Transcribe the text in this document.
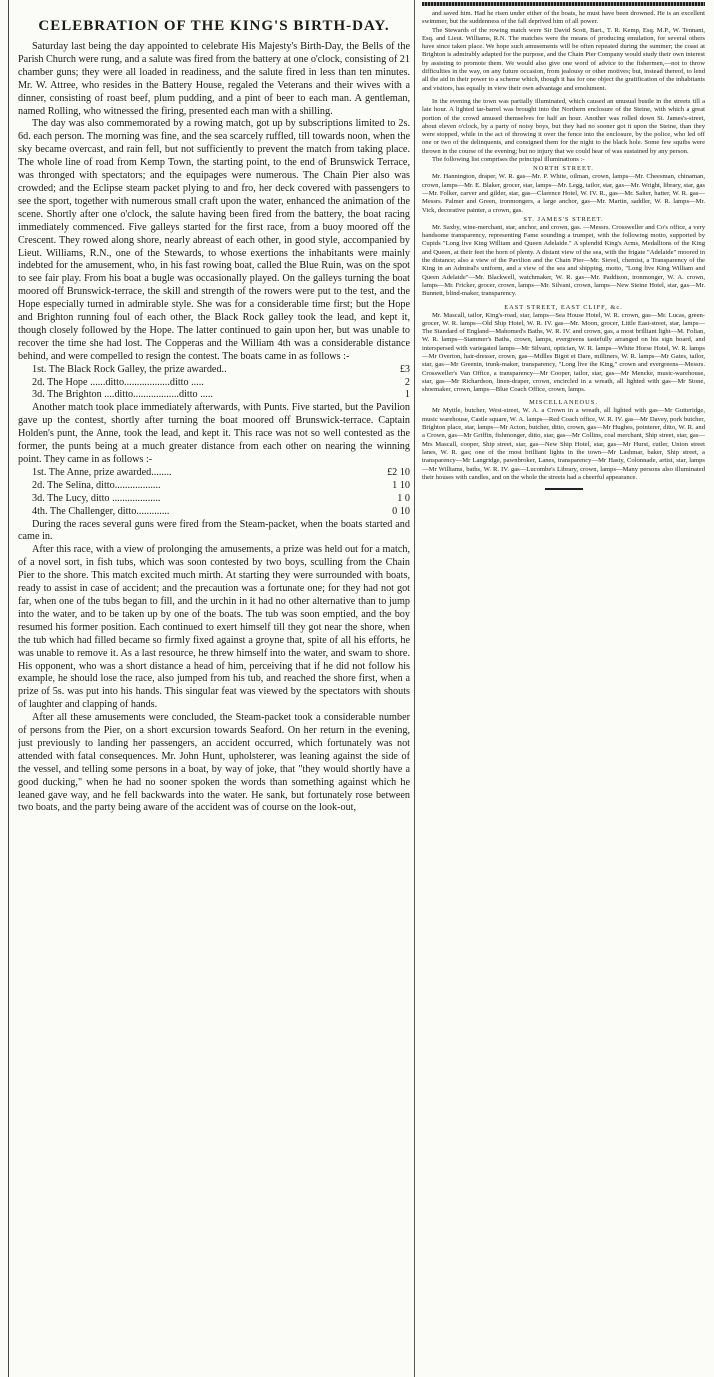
CELEBRATION OF THE KING'S BIRTH-DAY.

Saturday last being the day appointed to celebrate His Majesty's Birth-Day, the Bells of the Parish Church were rung, and a salute was fired from the battery at one o'clock, consisting of 21 chamber guns; they were all loaded in readiness, and the salute fired in less than ten minutes. Mr. W. Attree, who resides in the Battery House, regaled the Veterans and their wives with a dinner, consisting of roast beef, plum pudding, and a pint of beer to each man. A gentleman, named Rolling, who witnessed the firing, presented each man with a shilling.

The day was also commemorated by a rowing match, got up by subscriptions limited to 2s. 6d. each person. The morning was fine, and the sea scarcely ruffled, till towards noon, when the sky became overcast, and rain fell, but not sufficiently to prevent the match from taking place. The whole line of road from Kemp Town, the starting point, to the end of Brunswick Terrace, was thronged with spectators; and the equipages were numerous. The Chain Pier also was crowded; and the Eclipse steam packet plying to and fro, her deck covered with passengers to see the sport, together with numerous small craft upon the water, enhanced the animation of the scene. Shortly after one o'clock, the salute having been fired from the battery, the boat racing immediately commenced. Five galleys started for the first race, from a buoy moored off the Crescent. They rowed along shore, nearly abreast of each other, in good style, accompanied by Lieut. Williams, R.N., one of the Stewards, to whose exertions the inhabitants were mainly indebted for the amusement, who, in his fast rowing boat, called the Blue Ruin, was on the spot to see fair play. From his boat a bugle was occasionally played. On the galleys turning the boat moored off Brunswick-terrace, the skill and strength of the rowers were put to the test, and the Hope especially turned in admirable style. She was for a considerable time first; but the Hope and Brighton running foul of each other, the Black Rock galley took the lead, and kept it, though closely followed by the Hope. The latter continued to gain upon her, but was unable to recover the time she had lost. The Copperas and the William 4th was a considerable distance behind, and were compelled to resign the contest. The boats came in as follows :-

1st. The Black Rock Galley, the prize awarded..	£3
2d. The Hope ......ditto..................ditto .....	2
3d. The Brighton ....ditto..................ditto .....	1

Another match took place immediately afterwards, with Punts. Five started, but the Pavilion gave up the contest, shortly after turning the boat moored off Brunswick-terrace. Captain Holden's punt, the Anne, took the lead, and kept it. This race was not so well contested as the former, the punts being at a much greater distance from each other on nearing the winning point. They came in as follows :-

1st. The Anne, prize awarded........	£2 10
2d. The Selina, ditto..................	1 10
3d. The Lucy, ditto ...................	1 0
4th. The Challenger, ditto.............	0 10

During the races several guns were fired from the Steam-packet, when the boats started and came in.

After this race, with a view of prolonging the amusements, a prize was held out for a match, of a novel sort, in fish tubs, which was soon contested by two boys, sculling from the Chain Pier to the shore. This match excited much mirth. At starting they were surrounded with boats, ready to assist in case of accident; and the precaution was a fortunate one; for they had not got far, when one of the tubs began to fill, and the urchin in it had no other alternative than to jump into the water, and to be taken up by one of the boats. The tub was soon emptied, and the boy resumed his former position. Each continued to exert himself till they got near the shore, when the tub which had filled became so firmly fixed against a groyne that, spite of all his efforts, he was unable to remove it. As a last resource, he threw himself into the water, and swam to shore. His opponent, who was a short distance a head of him, perceiving that if he did not follow his example, he should lose the race, also jumped from his tub, and reached the shore first, when a prize of 5s. was put into his hands. This singular feat was viewed by the spectators with shouts of laughter and clapping of hands.

After all these amusements were concluded, the Steam-packet took a considerable number of persons from the Pier, on a short excursion towards Seaford. On her return in the evening, just previously to landing her passengers, an accident occurred, which fortunately was not attended with fatal consequences. Mr. John Hunt, upholsterer, was leaning against the side of the vessel, and telling some persons in a boat, by way of joke, that "they would shortly have a good ducking," when he had no sooner spoken the words than something against which he leaned gave way, and he fell backwards into the water. He sank, but fortunately rose between two boats, and the party being aware of the accident was of course on the look-out,

and saved him. Had he risen under either of the boats, he must have been drowned. He is an excellent swimmer, but the suddenness of the fall deprived him of all power.

The Stewards of the rowing match were Sir David Scott, Bart., T. R. Kemp, Esq. M.P., W. Tennant, Esq. and Lieut. Williams, R.N. The matches were the means of producing emulation, for several others have since taken place. We hope such amusements will be often repeated during the summer; the coast at Brighton is admirably adapted for the purpose, and the Chain Pier Company would study their own interest by assisting to promote them. We would also give one word of advice to the fishermen,—not to throw difficulties in the way, on any future occasion, from jealousy or other motives; but, instead thereof, to lend all the aid in their power to a scheme which, though it has for one object the gratification of the inhabitants and visitors, has equally in view their own advantage and emolument.

In the evening the town was partially illuminated, which caused an unusual bustle in the streets till a late hour. A lighted tar-barrel was brought into the Northern enclosure of the Steine, with which a great portion of the crowd amused themselves for half an hour. Another was rolled down St. James's-street, about eleven o'clock, by a party of noisy boys, but they had no sooner got it upon the Steine, than they were stopped, while in the act of throwing it over the fence into the enclosure, by the police, who led off one or two of the delinquents, and consigned them for the night to the black hole. Some few squibs were thrown in the course of the evening; but no injury that we could hear of was sustained by any person.

The following list comprises the principal illuminations :-

NORTH STREET.

Mr. Hannington, draper, W. R. gas—Mr. P. White, oilman, crown, lamps—Mr. Cheesman, chinaman, crown, lamps—Mr. E. Blaker, grocer, star, lamps—Mr. Legg, tailor, star, gas—Mr. Wright, library, star, gas—Mr. Folker, carver and gilder, star, gas—Clarence Hotel, W. IV. R., gas—Mr. Salter, hatter, W. R. gas—Messrs. Palmer and Green, ironmongers, a large anchor, gas—Mr. Martin, saddler, W. R. lamps—Mr. Vick, decorative painter, a crown, gas.

ST. JAMES'S STREET.

Mr. Saxby, wine-merchant, star, anchor, and crown, gas. —Messrs. Crossweller and Co's office, a very handsome transparency, representing Fame sounding a trumpet, with the following motto, supported by Cupids "Long live King William and Queen Adelaide." A splendid King's Arms, Medallions of the King and Queen, at their feet the horn of plenty. A distant view of the sea, with the frigate "Adelaide" moored in the distance; also a view of the Pavilion and the Chain Pier—Mr. Sievel, chemist, a Transparency of the King in an Admiral's uniform, and a view of the sea and shipping, motto, "Long live King William and Queen Adelaide"—Mr. Blackwell, watchmaker, W. R. gas—Mr. Paddison, ironmonger, W. A. crown, lamps—Mr. Fricker, grocer, crown, lamps—Mr. Silvani, crown, lamps—New Steine Hotel, star, gas—Mr. Bunnett, blind-maker, transparency.

EAST STREET, EAST CLIFF, &c.

Mr. Mascall, tailor, King's-road, star, lamps—Sea House Hotel, W. R. crown, gas—Mr. Lucas, green-grocer, W. R. lamps—Old Ship Hotel, W. R. IV. gas—Mr. Moon, grocer, Little East-street, star, lamps—The Standard of England—Mahomed's Baths, W. R. IV. and crown, gas, a most brilliant light—M. Folian, W. R. lamps—Stammer's Baths, crown, lamps, evergreens tastefully arranged on his sign board, and interspersed with variegated lamps—Mr Silvani, optician, W. R. lamps—White Horse Hotel, W. R. lamps—Mr Overton, hair-dresser, crown, gas—Mdlles Bigot et Dare, milliners, W. R. lamps—Mr Gates, tailor, star, gas—Mr Greenin, trunk-maker, transparency, "Long live the King," crown and evergreens—Messrs. Crossweller's Van Office, a transparency—Mr Cooper, tailor, star, gas—Mr Mencke, music-warehouse, star, gas—Mr Richardson, linen-draper, crown, encircled in a wreath, all lighted with gas—Mr Stone, shoemaker, crown, lamps—Blue Coach Office, crown, lamps.

MISCELLANEOUS.

Mr Myttle, butcher, West-street, W. A. a Crown in a wreath, all lighted with gas—Mr Gutteridge, music warehouse, Castle square, W. A. lamps—Red Coach office, W. R. IV. gas—Mr Davey, pork butcher, Brighton place, star, lamps—Mr Acton, butcher, ditto, crown, gas—Mr Hughes, pointerer, ditto, W. R. and a Crown, gas—Mr Griffin, fishmonger, ditto, star, gas—Mr Collins, coal merchant, Ship street, star, gas—Mrs Mascall, cooper, Ship street, star, gas—New Ship Hotel, star, gas—Mr Hurst, cutler, Union street lanes, W. R. gas; one of the most brilliant lights in the town—Mr Lashmar, baker, Ship street, a transparency—Mr Langridge, pawnbroker, Lanes, transparency—Mr Hasty, Colonnade, artist, star, lamps—Mr Williams, baths, W. R. IV. gas—Lucombe's Library, crown, lamps—Many persons also illuminated their houses with candles, and on the whole the streets had a cheerful appearance.
